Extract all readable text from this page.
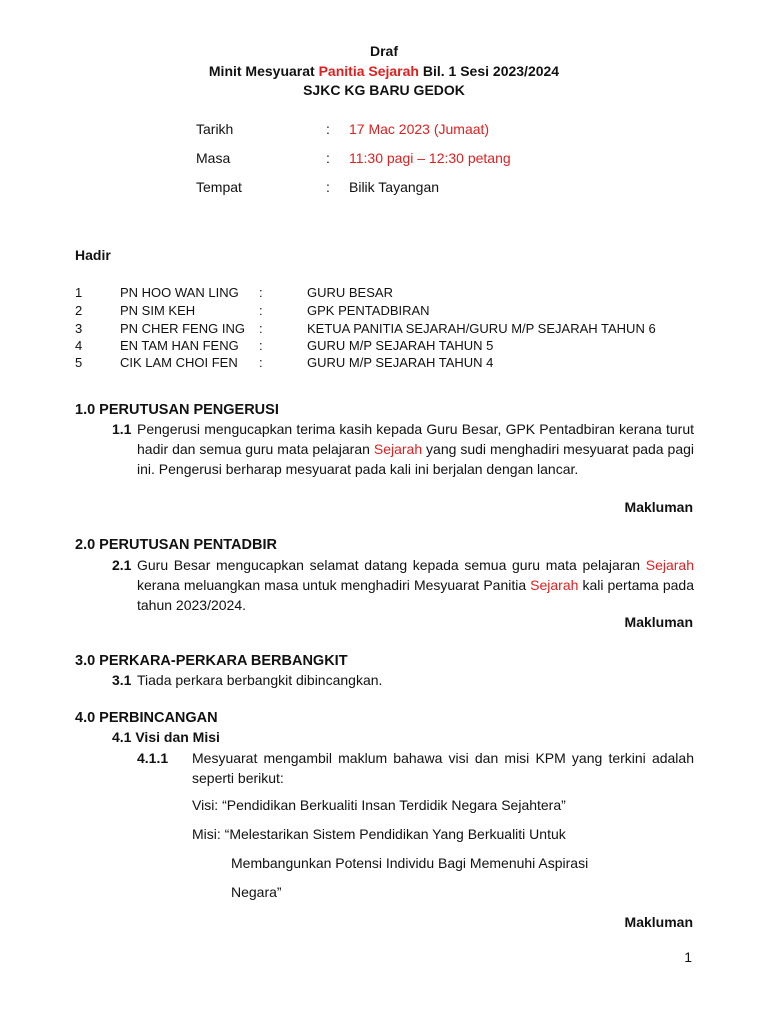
Draf
Minit Mesyuarat Panitia Sejarah Bil. 1 Sesi 2023/2024
SJKC KG BARU GEDOK
Tarikh	: 17 Mac 2023 (Jumaat)
Masa	: 11:30 pagi – 12:30 petang
Tempat	: Bilik Tayangan
Hadir
1	PN HOO WAN LING :	GURU BESAR
2	PN SIM KEH	:	GPK PENTADBIRAN
3	PN CHER FENG ING :	KETUA PANITIA SEJARAH/GURU M/P SEJARAH TAHUN 6
4	EN TAM HAN FENG :	GURU M/P SEJARAH TAHUN 5
5	CIK LAM CHOI FEN :	GURU M/P SEJARAH TAHUN 4
1.0 PERUTUSAN PENGERUSI
1.1 Pengerusi mengucapkan terima kasih kepada Guru Besar, GPK Pentadbiran kerana turut hadir dan semua guru mata pelajaran Sejarah yang sudi menghadiri mesyuarat pada pagi ini. Pengerusi berharap mesyuarat pada kali ini berjalan dengan lancar.
Makluman
2.0 PERUTUSAN PENTADBIR
2.1 Guru Besar mengucapkan selamat datang kepada semua guru mata pelajaran Sejarah kerana meluangkan masa untuk menghadiri Mesyuarat Panitia Sejarah kali pertama pada tahun 2023/2024.
Makluman
3.0 PERKARA-PERKARA BERBANGKIT
3.1 Tiada perkara berbangkit dibincangkan.
4.0 PERBINCANGAN
4.1 Visi dan Misi
4.1.1 Mesyuarat mengambil maklum bahawa visi dan misi KPM yang terkini adalah seperti berikut:
Visi: “Pendidikan Berkualiti Insan Terdidik Negara Sejahtera”
Misi: “Melestarikan Sistem Pendidikan Yang Berkualiti Untuk
Membangunkan Potensi Individu Bagi Memenuhi Aspirasi
Negara”
Makluman
1
